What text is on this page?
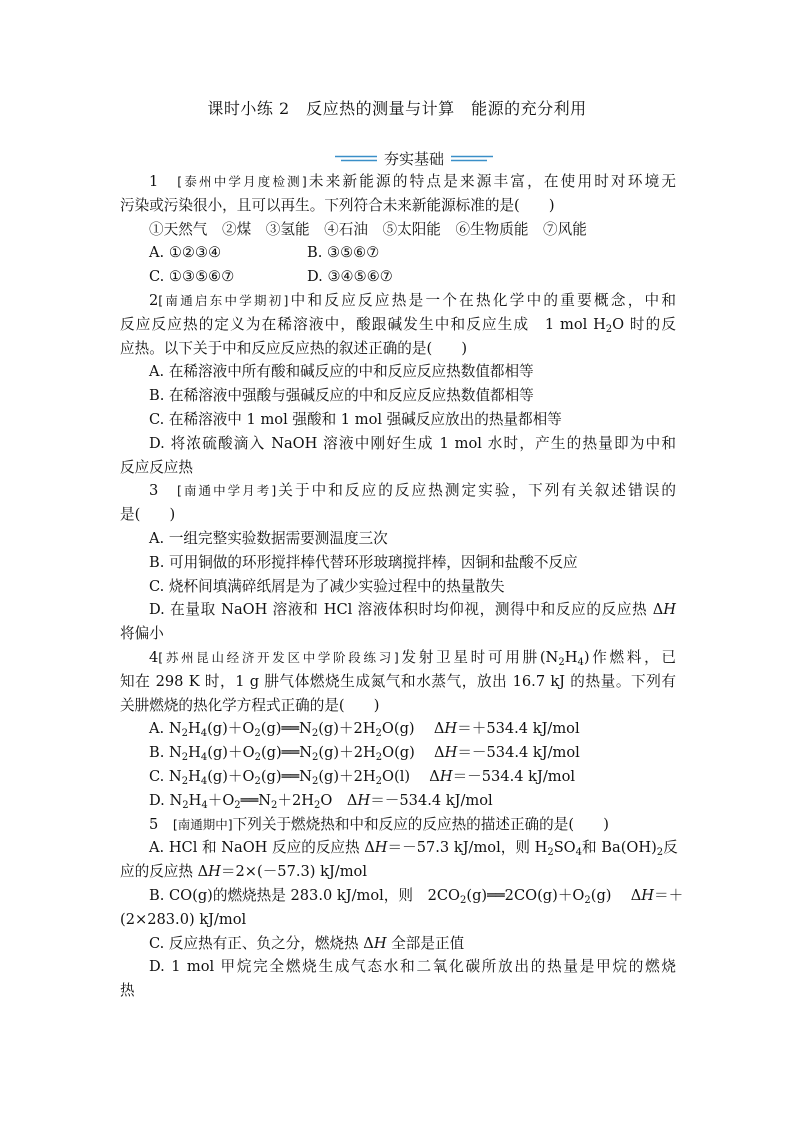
课时小练 2　反应热的测量与计算　能源的充分利用
夯实基础
1　[泰州中学月度检测]未来新能源的特点是来源丰富，在使用时对环境无
污染或污染很小，且可以再生。下列符合未来新能源标准的是(　　)
①天然气　②煤　③氢能　④石油　⑤太阳能　⑥生物质能　⑦风能
A. ①②③④	B. ③⑤⑥⑦
C. ①③⑤⑥⑦	D. ③④⑤⑥⑦
2[南通启东中学期初]中和反应反应热是一个在热化学中的重要概念，中和
反应反应热的定义为在稀溶液中，酸跟碱发生中和反应生成　1 mol $H_2O$ 时的反
应热。以下关于中和反应反应热的叙述正确的是(　　)
A. 在稀溶液中所有酸和碱反应的中和反应反应热数值都相等
B. 在稀溶液中强酸与强碱反应的中和反应反应热数值都相等
C. 在稀溶液中 1 mol 强酸和 1 mol 强碱反应放出的热量都相等
D. 将浓硫酸滴入 NaOH 溶液中刚好生成 1 mol 水时，产生的热量即为中和
反应反应热
3　[南通中学月考]关于中和反应的反应热测定实验，下列有关叙述错误的
是(　　)
A. 一组完整实验数据需要测温度三次
B. 可用铜做的环形搅拌棒代替环形玻璃搅拌棒，因铜和盐酸不反应
C. 烧杯间填满碎纸屑是为了减少实验过程中的热量散失
D. 在量取 NaOH 溶液和 HCl 溶液体积时均仰视，测得中和反应的反应热 ΔH
将偏小
4[苏州昆山经济开发区中学阶段练习]发射卫星时可用肼$(N_2H_4)$作燃料，已
知在 298 K 时，1 g 肼气体燃烧生成氮气和水蒸气，放出 16.7 kJ 的热量。下列有
关肼燃烧的热化学方程式正确的是(　　)
A. $N_2H_4(g)+O_2(g)══N_2(g)+2H_2O(g)$　 ΔH＝＋534.4 kJ/mol
B. $N_2H_4(g)+O_2(g)══N_2(g)+2H_2O(g)$　 ΔH＝－534.4 kJ/mol
C. $N_2H_4(g)+O_2(g)══N_2(g)+2H_2O(l)$　 ΔH＝－534.4 kJ/mol
D. $N_2H_4+O_2══N_2+2H_2O$　ΔH＝－534.4 kJ/mol
5　[南通期中]下列关于燃烧热和中和反应的反应热的描述正确的是(　　)
A. HCl 和 NaOH 反应的反应热 ΔH＝－57.3 kJ/mol，则 $H_2SO_4$和 $Ba(OH)_2$反
应的反应热 ΔH＝2×(－57.3) kJ/mol
B. CO(g)的燃烧热是 283.0 kJ/mol，则　$2CO_2(g)══2CO(g)+O_2(g)$　 ΔH＝＋
(2×283.0) kJ/mol
C. 反应热有正、负之分，燃烧热 ΔH 全部是正值
D. 1 mol 甲烷完全燃烧生成气态水和二氧化碳所放出的热量是甲烷的燃烧
热
